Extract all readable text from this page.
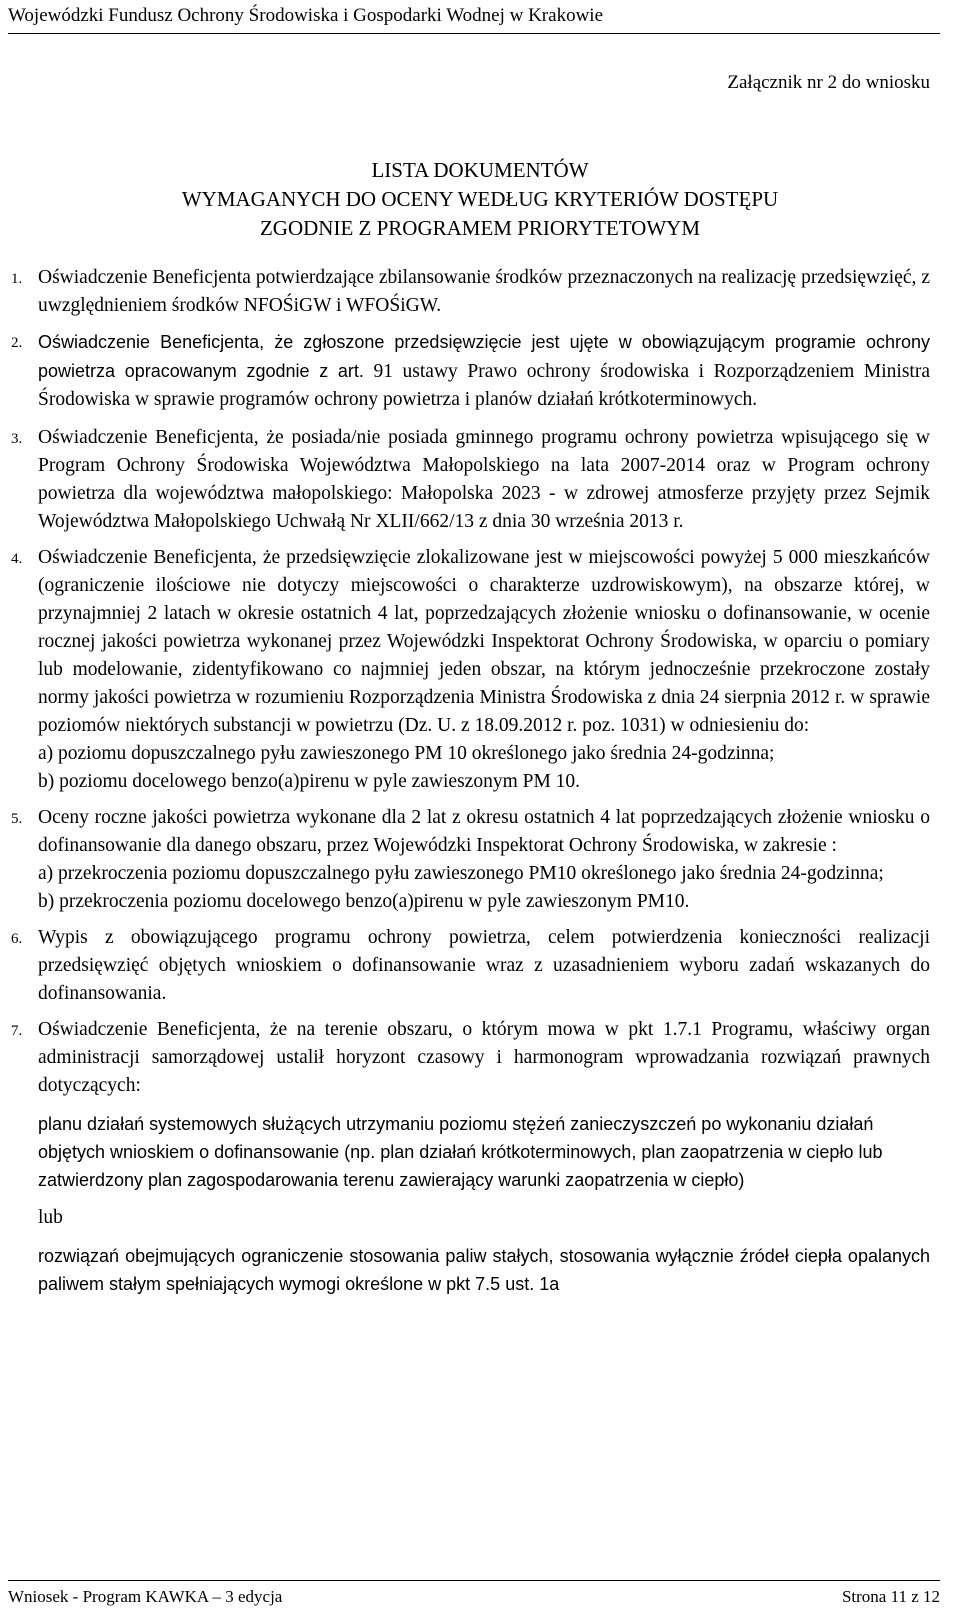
Wojewódzki Fundusz Ochrony Środowiska i Gospodarki Wodnej w Krakowie
Załącznik nr 2 do wniosku
LISTA DOKUMENTÓW
WYMAGANYCH DO OCENY WEDŁUG KRYTERIÓW DOSTĘPU
ZGODNIE Z PROGRAMEM PRIORYTETOWYM
1. Oświadczenie Beneficjenta potwierdzające zbilansowanie środków przeznaczonych na realizację przedsięwzięć, z uwzględnieniem środków NFOŚiGW i WFOŚiGW.
2. Oświadczenie Beneficjenta, że zgłoszone przedsięwzięcie jest ujęte w obowiązującym programie ochrony powietrza opracowanym zgodnie z art. 91 ustawy Prawo ochrony środowiska i Rozporządzeniem Ministra Środowiska w sprawie programów ochrony powietrza i planów działań krótkoterminowych.
3. Oświadczenie Beneficjenta, że posiada/nie posiada gminnego programu ochrony powietrza wpisującego się w Program Ochrony Środowiska Województwa Małopolskiego na lata 2007-2014 oraz w Program ochrony powietrza dla województwa małopolskiego: Małopolska 2023 - w zdrowej atmosferze przyjęty przez Sejmik Województwa Małopolskiego Uchwałą Nr XLII/662/13 z dnia 30 września 2013 r.
4. Oświadczenie Beneficjenta, że przedsięwzięcie zlokalizowane jest w miejscowości powyżej 5 000 mieszkańców (ograniczenie ilościowe nie dotyczy miejscowości o charakterze uzdrowiskowym), na obszarze której, w przynajmniej 2 latach w okresie ostatnich 4 lat, poprzedzających złożenie wniosku o dofinansowanie, w ocenie rocznej jakości powietrza wykonanej przez Wojewódzki Inspektorat Ochrony Środowiska, w oparciu o pomiary lub modelowanie, zidentyfikowano co najmniej jeden obszar, na którym jednocześnie przekroczone zostały normy jakości powietrza w rozumieniu Rozporządzenia Ministra Środowiska z dnia 24 sierpnia 2012 r. w sprawie poziomów niektórych substancji w powietrzu (Dz. U. z 18.09.2012 r. poz. 1031) w odniesieniu do:
a) poziomu dopuszczalnego pyłu zawieszonego PM 10 określonego jako średnia 24-godzinna;
b) poziomu docelowego benzo(a)pirenu w pyle zawieszonym PM 10.
5. Oceny roczne jakości powietrza wykonane dla 2 lat z okresu ostatnich 4 lat poprzedzających złożenie wniosku o dofinansowanie dla danego obszaru, przez Wojewódzki Inspektorat Ochrony Środowiska, w zakresie :
a) przekroczenia poziomu dopuszczalnego pyłu zawieszonego PM10 określonego jako średnia 24-godzinna;
b) przekroczenia poziomu docelowego benzo(a)pirenu w pyle zawieszonym PM10.
6. Wypis z obowiązującego programu ochrony powietrza, celem potwierdzenia konieczności realizacji przedsięwzięć objętych wnioskiem o dofinansowanie wraz z uzasadnieniem wyboru zadań wskazanych do dofinansowania.
7. Oświadczenie Beneficjenta, że na terenie obszaru, o którym mowa w pkt 1.7.1 Programu, właściwy organ administracji samorządowej ustalił horyzont czasowy i harmonogram wprowadzania rozwiązań prawnych dotyczących:
planu działań systemowych służących utrzymaniu poziomu stężeń zanieczyszczeń po wykonaniu działań objętych wnioskiem o dofinansowanie (np. plan działań krótkoterminowych, plan zaopatrzenia w ciepło lub zatwierdzony plan zagospodarowania terenu zawierający warunki zaopatrzenia w ciepło)
lub
rozwiązań obejmujących ograniczenie stosowania paliw stałych, stosowania wyłącznie źródeł ciepła opalanych paliwem stałym spełniających wymogi określone w pkt 7.5 ust. 1a
Wniosek - Program KAWKA – 3 edycja	Strona 11 z 12
